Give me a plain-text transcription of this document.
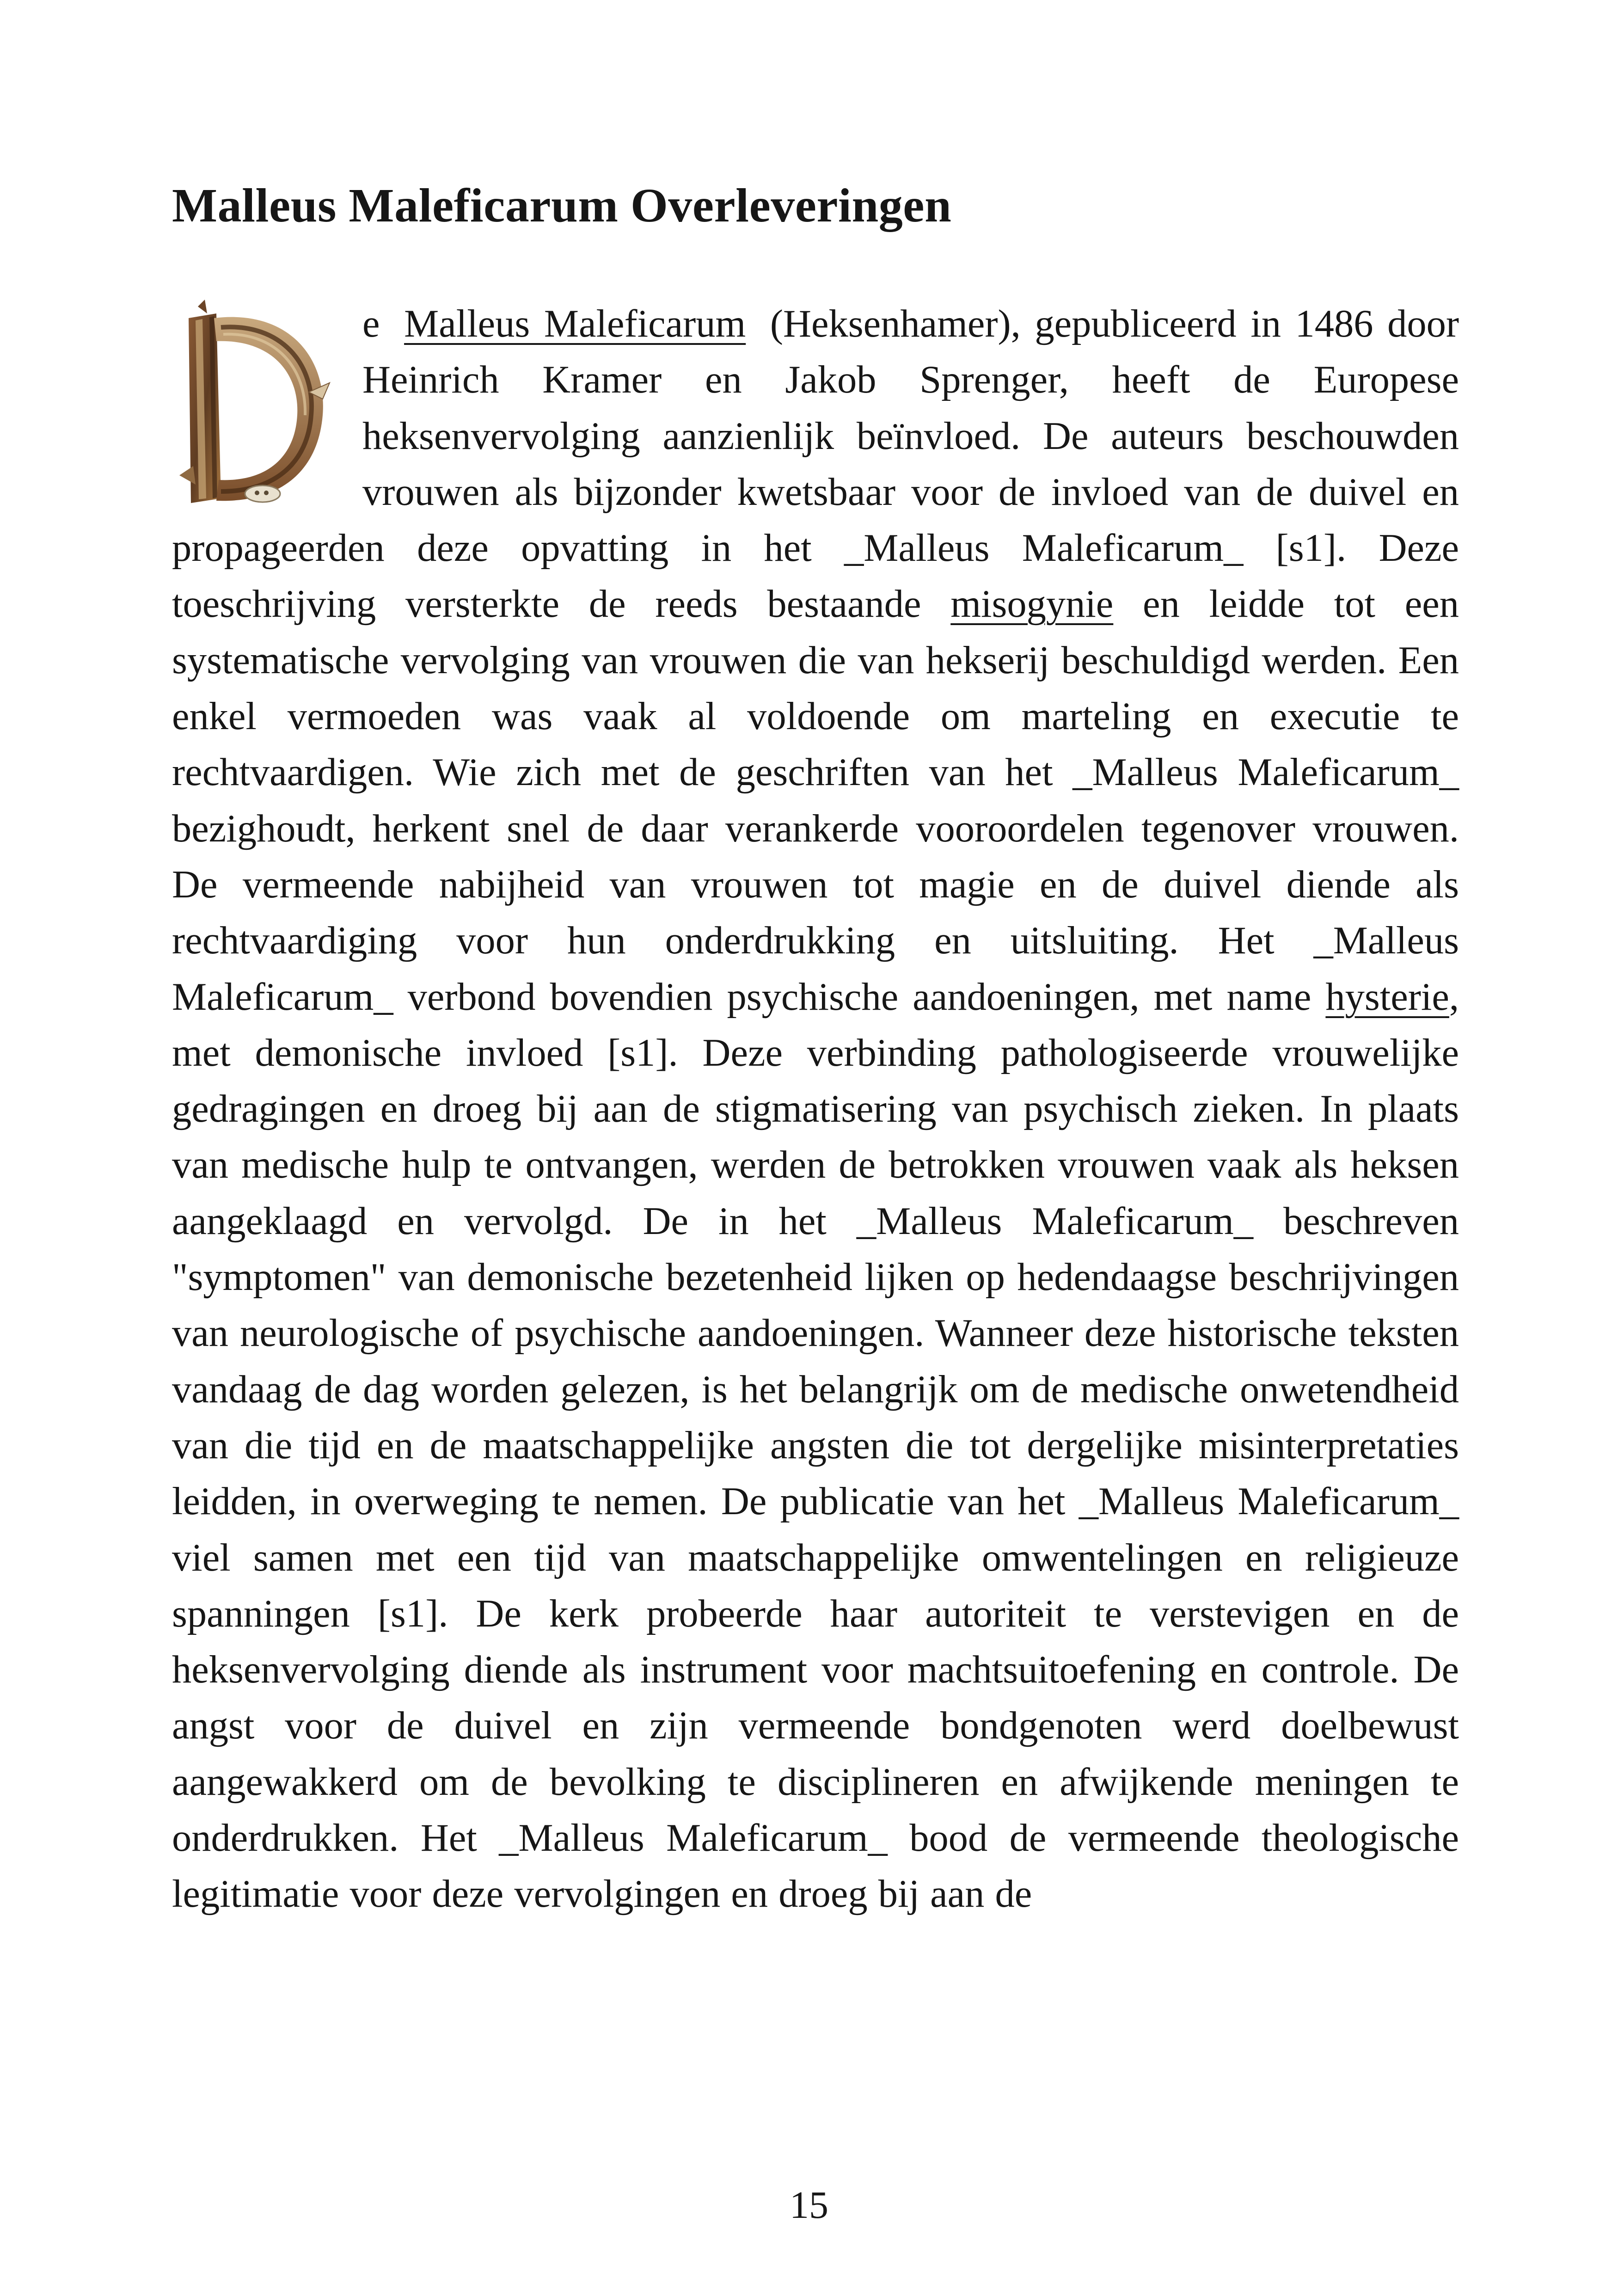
Malleus Maleficarum Overleveringen

e Malleus Maleficarum (Heksenhamer), gepubliceerd in 1486 door Heinrich Kramer en Jakob Sprenger, heeft de Europese heksenvervolging aanzienlijk beïnvloed. De auteurs beschouwden vrouwen als bijzonder kwetsbaar voor de invloed van de duivel en propageerden deze opvatting in het _Malleus Maleficarum_ [s1]. Deze toeschrijving versterkte de reeds bestaande misogynie en leidde tot een systematische vervolging van vrouwen die van hekserij beschuldigd werden. Een enkel vermoeden was vaak al voldoende om marteling en executie te rechtvaardigen. Wie zich met de geschriften van het _Malleus Maleficarum_ bezighoudt, herkent snel de daar verankerde vooroordelen tegenover vrouwen. De vermeende nabijheid van vrouwen tot magie en de duivel diende als rechtvaardiging voor hun onderdrukking en uitsluiting. Het _Malleus Maleficarum_ verbond bovendien psychische aandoeningen, met name hysterie, met demonische invloed [s1]. Deze verbinding pathologiseerde vrouwelijke gedragingen en droeg bij aan de stigmatisering van psychisch zieken. In plaats van medische hulp te ontvangen, werden de betrokken vrouwen vaak als heksen aangeklaagd en vervolgd. De in het _Malleus Maleficarum_ beschreven "symptomen" van demonische bezetenheid lijken op hedendaagse beschrijvingen van neurologische of psychische aandoeningen. Wanneer deze historische teksten vandaag de dag worden gelezen, is het belangrijk om de medische onwetendheid van die tijd en de maatschappelijke angsten die tot dergelijke misinterpretaties leidden, in overweging te nemen. De publicatie van het _Malleus Maleficarum_ viel samen met een tijd van maatschappelijke omwentelingen en religieuze spanningen [s1]. De kerk probeerde haar autoriteit te verstevigen en de heksenvervolging diende als instrument voor machtsuitoefening en controle. De angst voor de duivel en zijn vermeende bondgenoten werd doelbewust aangewakkerd om de bevolking te disciplineren en afwijkende meningen te onderdrukken. Het _Malleus Maleficarum_ bood de vermeende theologische legitimatie voor deze vervolgingen en droeg bij aan de

15
